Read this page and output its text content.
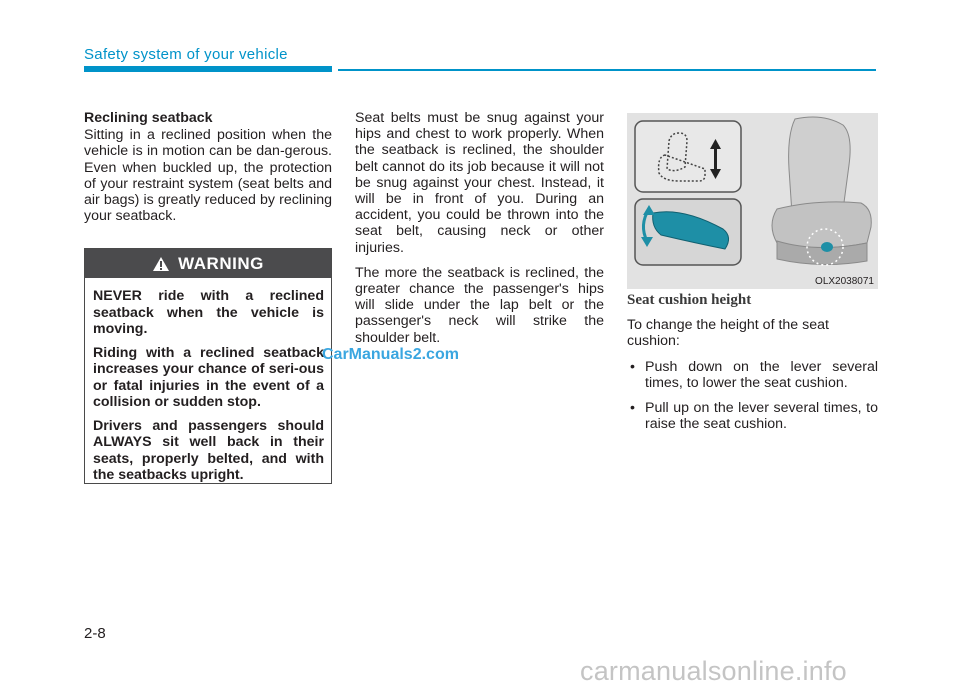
Safety system of your vehicle

Reclining seatback

Sitting in a reclined position when the vehicle is in motion can be dan-gerous. Even when buckled up, the protection of your restraint system (seat belts and air bags) is greatly reduced by reclining your seatback.

WARNING

NEVER ride with a reclined seatback when the vehicle is moving.

Riding with a reclined seatback increases your chance of seri-ous or fatal injuries in the event of a collision or sudden stop.

Drivers and passengers should ALWAYS sit well back in their seats, properly belted, and with the seatbacks upright.

CarManuals2.com

Seat belts must be snug against your hips and chest to work properly. When the seatback is reclined, the shoulder belt cannot do its job because it will not be snug against your chest. Instead, it will be in front of you. During an accident, you could be thrown into the seat belt, causing neck or other injuries.

The more the seatback is reclined, the greater chance the passenger's hips will slide under the lap belt or the passenger's neck will strike the shoulder belt.

OLX2038071

Seat cushion height

To change the height of the seat cushion:

• Push down on the lever several times, to lower the seat cushion.
• Pull up on the lever several times, to raise the seat cushion.
2-8
carmanualsonline.info
